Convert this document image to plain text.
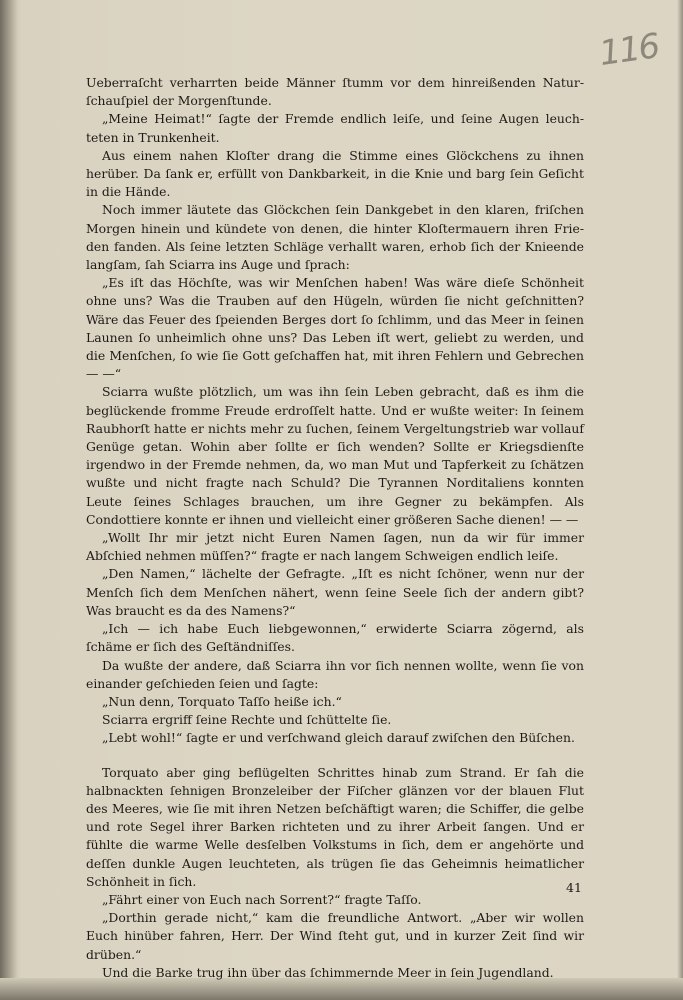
116

Ueberraſcht verharrten beide Männer ſtumm vor dem hinreißenden Naturſchauſpiel der Morgenſtunde.

„Meine Heimat!“ ſagte der Fremde endlich leiſe, und ſeine Augen leuchteten in Trunkenheit.

Aus einem nahen Kloſter drang die Stimme eines Glöckchens zu ihnen herüber. Da ſank er, erfüllt von Dankbarkeit, in die Knie und barg ſein Geſicht in die Hände.

Noch immer läutete das Glöckchen ſein Dankgebet in den klaren, friſchen Morgen hinein und kündete von denen, die hinter Kloſtermauern ihren Frieden fanden. Als ſeine letzten Schläge verhallt waren, erhob ſich der Knieende langſam, ſah Sciarra ins Auge und ſprach:

„Es iſt das Höchſte, was wir Menſchen haben! Was wäre dieſe Schönheit ohne uns? Was die Trauben auf den Hügeln, würden ſie nicht geſchnitten? Wäre das Feuer des ſpeienden Berges dort ſo ſchlimm, und das Meer in ſeinen Launen ſo unheimlich ohne uns? Das Leben iſt wert, geliebt zu werden, und die Menſchen, ſo wie ſie Gott geſchaffen hat, mit ihren Fehlern und Gebrechen — —“

Sciarra wußte plötzlich, um was ihn ſein Leben gebracht, daß es ihm die beglückende fromme Freude erdroſſelt hatte. Und er wußte weiter: In ſeinem Raubhorſt hatte er nichts mehr zu ſuchen, ſeinem Vergeltungstrieb war vollauf Genüge getan. Wohin aber ſollte er ſich wenden? Sollte er Kriegsdienſte irgendwo in der Fremde nehmen, da, wo man Mut und Tapferkeit zu ſchätzen wußte und nicht fragte nach Schuld? Die Tyrannen Norditaliens konnten Leute ſeines Schlages brauchen, um ihre Gegner zu bekämpfen. Als Condottiere konnte er ihnen und vielleicht einer größeren Sache dienen! — —

„Wollt Ihr mir jetzt nicht Euren Namen ſagen, nun da wir für immer Abſchied nehmen müſſen?“ fragte er nach langem Schweigen endlich leiſe.

„Den Namen,“ lächelte der Gefragte. „Iſt es nicht ſchöner, wenn nur der Menſch ſich dem Menſchen nähert, wenn ſeine Seele ſich der andern gibt? Was braucht es da des Namens?“

„Ich — ich habe Euch liebgewonnen,“ erwiderte Sciarra zögernd, als ſchäme er ſich des Geſtändniſſes.

Da wußte der andere, daß Sciarra ihn vor ſich nennen wollte, wenn ſie von einander geſchieden ſeien und ſagte:

„Nun denn, Torquato Taſſo heiße ich.“

Sciarra ergriff ſeine Rechte und ſchüttelte ſie.

„Lebt wohl!“ ſagte er und verſchwand gleich darauf zwiſchen den Büſchen.

Torquato aber ging beflügelten Schrittes hinab zum Strand. Er ſah die halbnackten ſehnigen Bronzeleiber der Fiſcher glänzen vor der blauen Flut des Meeres, wie ſie mit ihren Netzen beſchäftigt waren; die Schiffer, die gelbe und rote Segel ihrer Barken richteten und zu ihrer Arbeit ſangen. Und er fühlte die warme Welle desſelben Volkstums in ſich, dem er angehörte und deſſen dunkle Augen leuchteten, als trügen ſie das Geheimnis heimatlicher Schönheit in ſich.

„Fährt einer von Euch nach Sorrent?“ fragte Taſſo.

„Dorthin gerade nicht,“ kam die freundliche Antwort. „Aber wir wollen Euch hinüber fahren, Herr. Der Wind ſteht gut, und in kurzer Zeit ſind wir drüben.“

Und die Barke trug ihn über das ſchimmernde Meer in ſein Jugendland.

41
